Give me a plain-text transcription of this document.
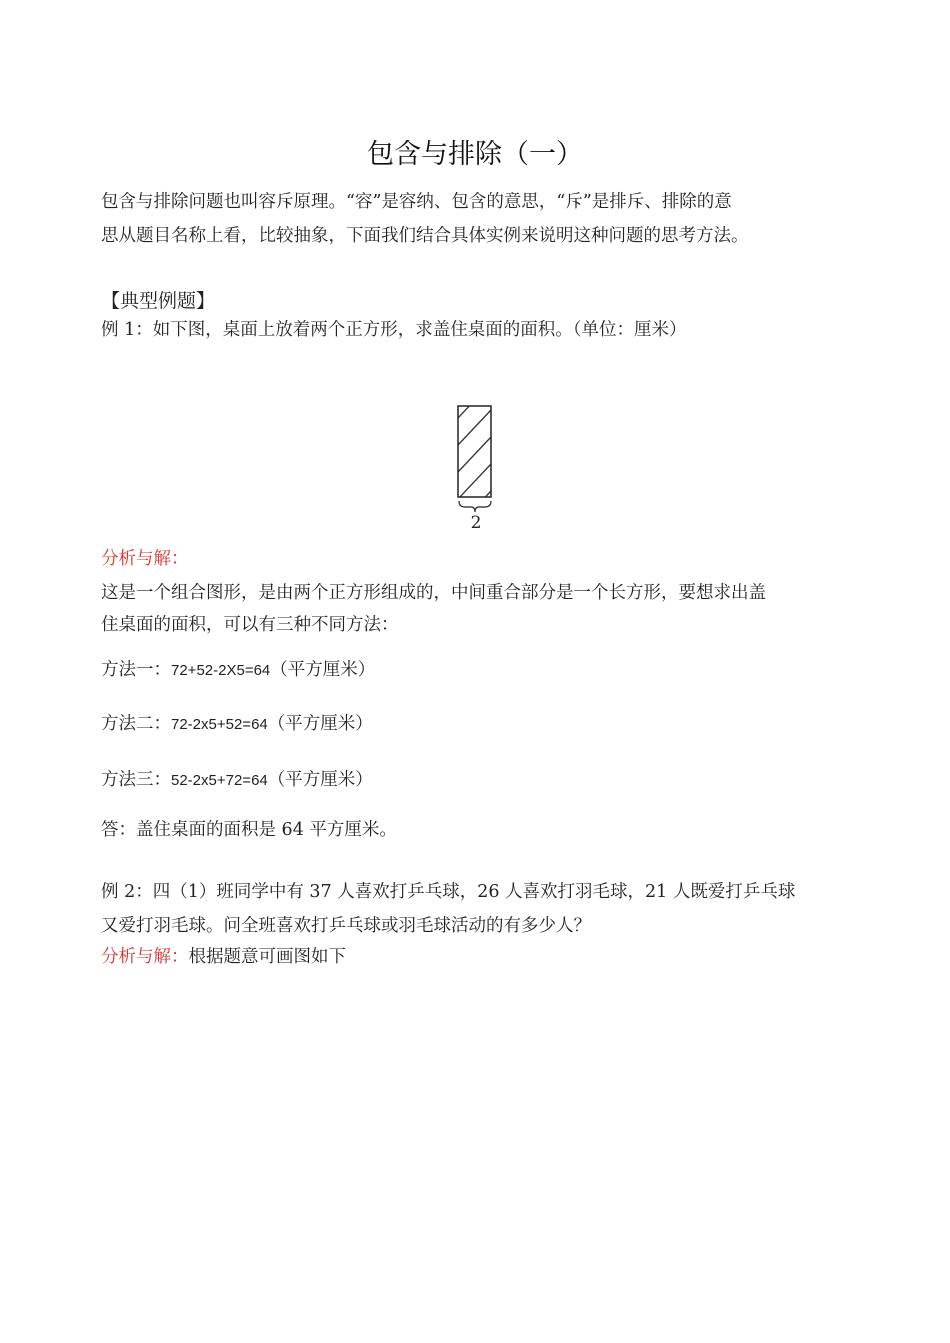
包含与排除（一）
包含与排除问题也叫容斥原理。“容”是容纳、包含的意思，“斥”是排斥、排除的意
思从题目名称上看，比较抽象，下面我们结合具体实例来说明这种问题的思考方法。
【典型例题】
例 1：如下图，桌面上放着两个正方形，求盖住桌面的面积。（单位：厘米）
2
分析与解：
这是一个组合图形，是由两个正方形组成的，中间重合部分是一个长方形，要想求出盖
住桌面的面积，可以有三种不同方法：
方法一：72+52-2X5=64（平方厘米）
方法二：72-2x5+52=64（平方厘米）
方法三：52-2x5+72=64（平方厘米）
答：盖住桌面的面积是 64 平方厘米。
例 2：四（1）班同学中有 37 人喜欢打乒乓球，26 人喜欢打羽毛球，21 人既爱打乒乓球
又爱打羽毛球。问全班喜欢打乒乓球或羽毛球活动的有多少人？
分析与解：根据题意可画图如下
